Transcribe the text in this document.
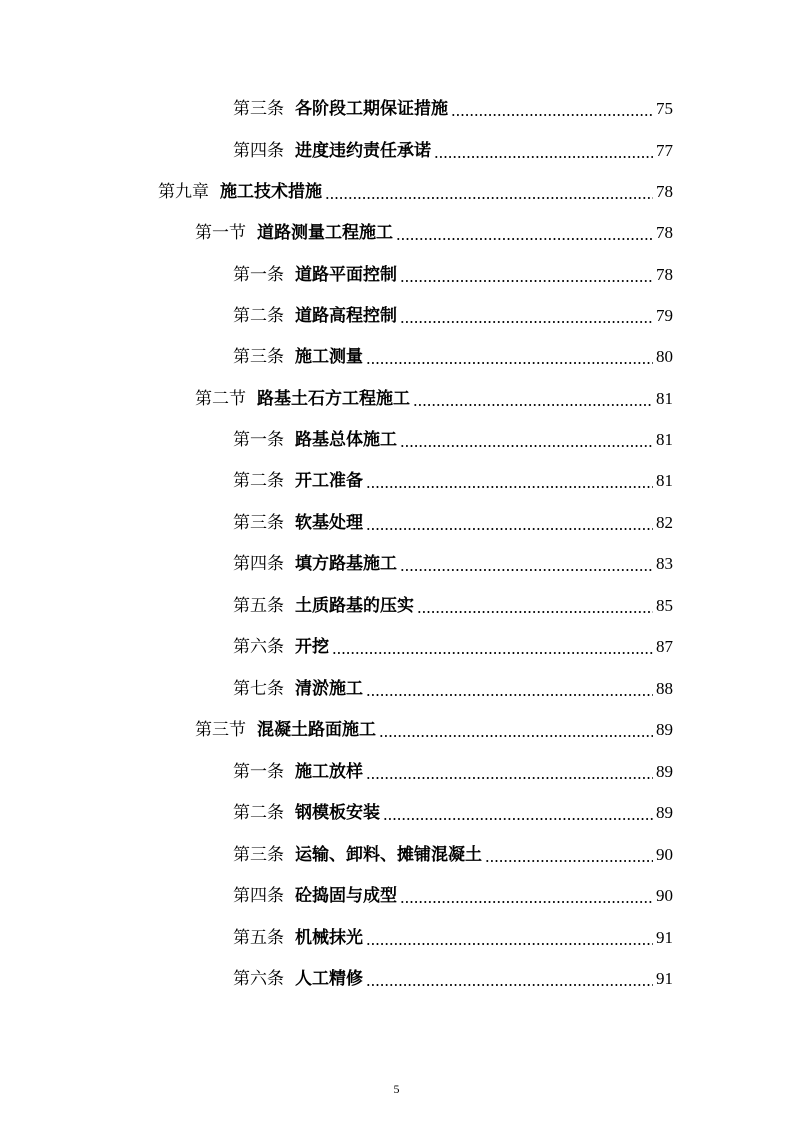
第三条 各阶段工期保证措施	75
第四条 进度违约责任承诺	77
第九章 施工技术措施	78
第一节 道路测量工程施工	78
第一条 道路平面控制	78
第二条 道路高程控制	79
第三条 施工测量	80
第二节 路基土石方工程施工	81
第一条 路基总体施工	81
第二条 开工准备	81
第三条 软基处理	82
第四条 填方路基施工	83
第五条 土质路基的压实	85
第六条 开挖	87
第七条 清淤施工	88
第三节 混凝土路面施工	89
第一条 施工放样	89
第二条 钢模板安装	89
第三条 运输、卸料、摊铺混凝土	90
第四条 砼捣固与成型	90
第五条 机械抹光	91
第六条 人工精修	91
5
